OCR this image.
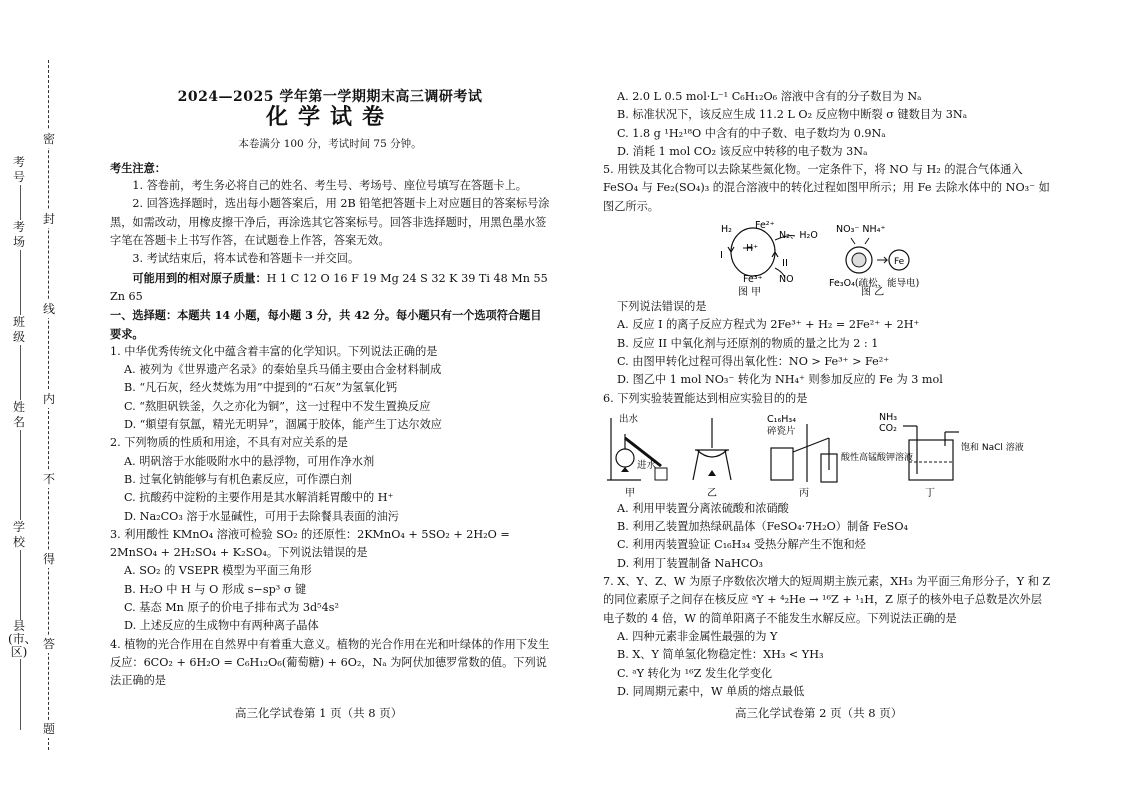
密
封
线
内
不
得
答
题
考号
考场
班级
姓名
学校
县(市、区)

2024—2025 学年第一学期期末高三调研考试

化学试卷

本卷满分 100 分，考试时间 75 分钟。

考生注意：

1. 答卷前，考生务必将自己的姓名、考生号、考场号、座位号填写在答题卡上。

2. 回答选择题时，选出每小题答案后，用 2B 铅笔把答题卡上对应题目的答案标号涂黑，如需改动，用橡皮擦干净后，再涂选其它答案标号。回答非选择题时，用黑色墨水签字笔在答题卡上书写作答，在试题卷上作答，答案无效。

3. 考试结束后，将本试卷和答题卡一并交回。

可能用到的相对原子质量：H 1 C 12 O 16 F 19 Mg 24 S 32 K 39 Ti 48 Mn 55 Zn 65

一、选择题：本题共 14 小题，每小题 3 分，共 42 分。每小题只有一个选项符合题目要求。

1. 中华优秀传统文化中蕴含着丰富的化学知识。下列说法正确的是

A. 被列为《世界遗产名录》的秦始皇兵马俑主要由合金材料制成

B. “凡石灰，经火焚炼为用”中提到的“石灰”为氢氧化钙

C. “熬胆矾铁釜，久之亦化为铜”，这一过程中不发生置换反应

D. “頫望有氛氲，精光无明异”，涸属于胶体，能产生丁达尔效应

2. 下列物质的性质和用途，不具有对应关系的是

A. 明矾溶于水能吸附水中的悬浮物，可用作净水剂

B. 过氧化钠能够与有机色素反应，可作漂白剂

C. 抗酸药中淀粉的主要作用是其水解消耗胃酸中的 H⁺

D. Na₂CO₃ 溶于水显碱性，可用于去除餐具表面的油污

3. 利用酸性 KMnO₄ 溶液可检验 SO₂ 的还原性：2KMnO₄ + 5SO₂ + 2H₂O = 2MnSO₄ + 2H₂SO₄ + K₂SO₄。下列说法错误的是

A. SO₂ 的 VSEPR 模型为平面三角形

B. H₂O 中 H 与 O 形成 s−sp³ σ 键

C. 基态 Mn 原子的价电子排布式为 3d⁵4s²

D. 上述反应的生成物中有两种离子晶体

4. 植物的光合作用在自然界中有着重大意义。植物的光合作用在光和叶绿体的作用下发生反应：6CO₂ + 6H₂O = C₆H₁₂O₆(葡萄糖) + 6O₂，Nₐ 为阿伏加德罗常数的值。下列说法正确的是

A. 2.0 L 0.5 mol·L⁻¹ C₆H₁₂O₆ 溶液中含有的分子数目为 Nₐ

B. 标准状况下，该反应生成 11.2 L O₂ 反应物中断裂 σ 键数目为 3Nₐ

C. 1.8 g ¹H₂¹⁸O 中含有的中子数、电子数均为 0.9Nₐ

D. 消耗 1 mol CO₂ 该反应中转移的电子数为 3Nₐ

5. 用铁及其化合物可以去除某些氮化物。一定条件下，将 NO 与 H₂ 的混合气体通入 FeSO₄ 与 Fe₂(SO₄)₃ 的混合溶液中的转化过程如图甲所示；用 Fe 去除水体中的 NO₃⁻ 如图乙所示。

H₂ Fe²⁺
H⁺
Fe³⁺
N₂、H₂O
NO
I
II
图 甲
NO₃⁻ NH₄⁺
Fe
Fe₃O₄(疏松、能导电)
图 乙

下列说法错误的是

A. 反应 I 的离子反应方程式为 2Fe³⁺ + H₂ = 2Fe²⁺ + 2H⁺

B. 反应 II 中氧化剂与还原剂的物质的量之比为 2 : 1

C. 由图甲转化过程可得出氧化性：NO > Fe³⁺ > Fe²⁺

D. 图乙中 1 mol NO₃⁻ 转化为 NH₄⁺ 则参加反应的 Fe 为 3 mol

6. 下列实验装置能达到相应实验目的的是

出水
进水
甲	乙
C₁₆H₃₄
碎瓷片
酸性高锰酸钾溶液
丙
NH₃
CO₂
饱和 NaCl 溶液
丁

A. 利用甲装置分离浓硫酸和浓硝酸

B. 利用乙装置加热绿矾晶体（FeSO₄·7H₂O）制备 FeSO₄

C. 利用丙装置验证 C₁₆H₃₄ 受热分解产生不饱和烃

D. 利用丁装置制备 NaHCO₃

7. X、Y、Z、W 为原子序数依次增大的短周期主族元素，XH₃ 为平面三角形分子，Y 和 Z 的同位素原子之间存在核反应 ᵃY + ⁴₂He → ¹⁶Z + ¹₁H，Z 原子的核外电子总数是次外层电子数的 4 倍，W 的简单阳离子不能发生水解反应。下列说法正确的是

A. 四种元素非金属性最强的为 Y

B. X、Y 简单氢化物稳定性：XH₃ < YH₃

C. ᵃY 转化为 ¹⁶Z 发生化学变化

D. 同周期元素中，W 单质的熔点最低

高三化学试卷第 1 页（共 8 页）	高三化学试卷第 2 页（共 8 页）
